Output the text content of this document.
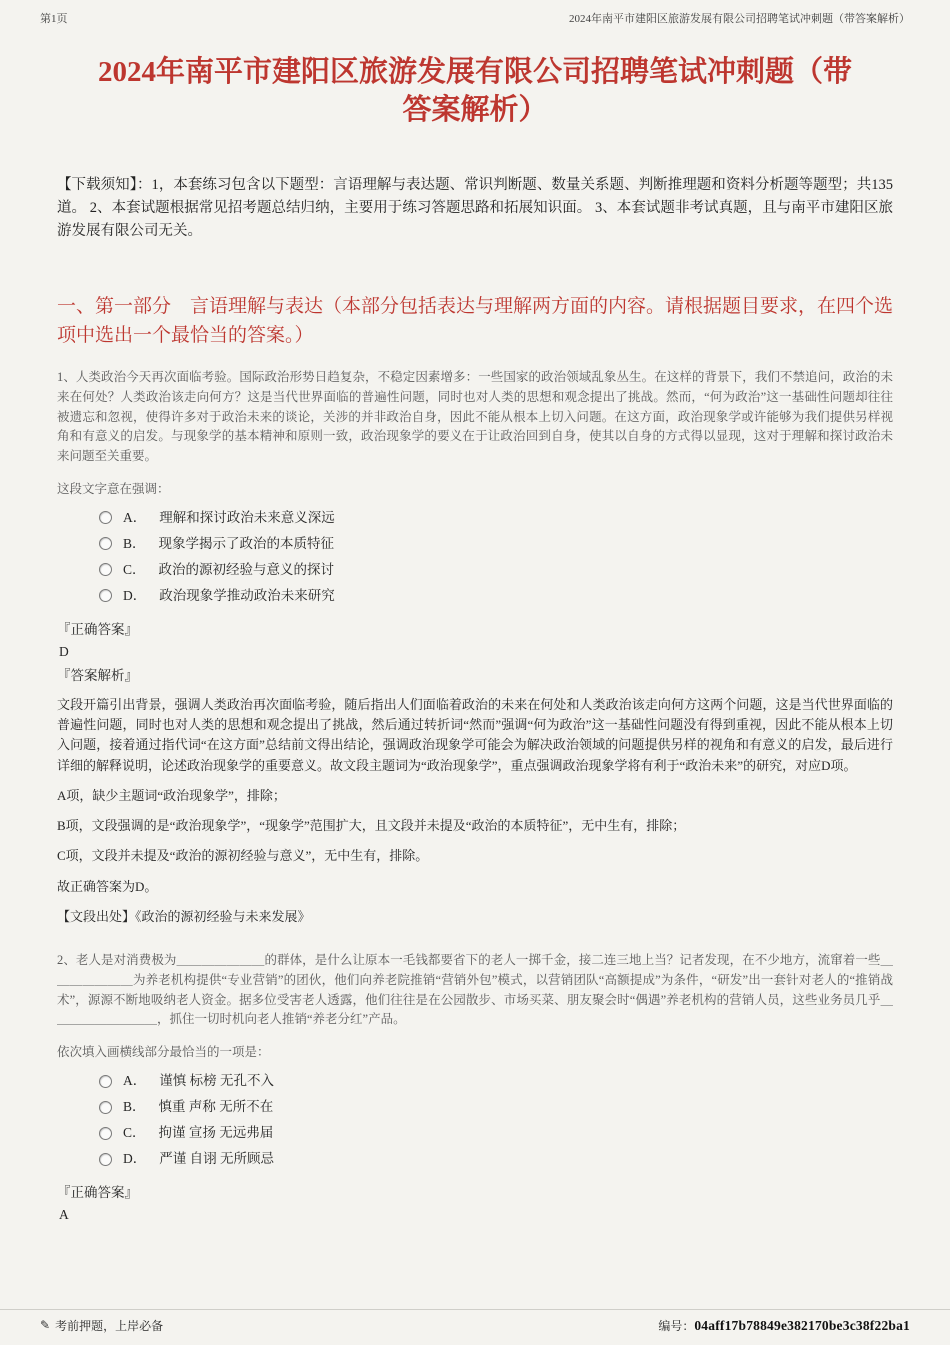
第1页	2024年南平市建阳区旅游发展有限公司招聘笔试冲刺题（带答案解析）
2024年南平市建阳区旅游发展有限公司招聘笔试冲刺题（带答案解析）
【下载须知】：1，本套练习包含以下题型：言语理解与表达题、常识判断题、数量关系题、判断推理题和资料分析题等题型；共135道。 2、本套试题根据常见招考题总结归纳，主要用于练习答题思路和拓展知识面。 3、本套试题非考试真题，且与南平市建阳区旅游发展有限公司无关。
一、第一部分　言语理解与表达（本部分包括表达与理解两方面的内容。请根据题目要求，在四个选项中选出一个最恰当的答案。）
1、人类政治今天再次面临考验。国际政治形势日趋复杂，不稳定因素增多：一些国家的政治领域乱象丛生。在这样的背景下，我们不禁追问，政治的未来在何处？人类政治该走向何方？这是当代世界面临的普遍性问题，同时也对人类的思想和观念提出了挑战。然而，“何为政治”这一基础性问题却往往被遗忘和忽视，使得许多对于政治未来的谈论，关涉的并非政治自身，因此不能从根本上切入问题。在这方面，政治现象学或许能够为我们提供另样视角和有意义的启发。与现象学的基本精神和原则一致，政治现象学的要义在于让政治回到自身，使其以自身的方式得以显现，这对于理解和探讨政治未来问题至关重要。
这段文字意在强调：
A． 理解和探讨政治未来意义深远
B． 现象学揭示了政治的本质特征
C． 政治的源初经验与意义的探讨
D． 政治现象学推动政治未来研究
『正确答案』
D
『答案解析』

文段开篇引出背景，强调人类政治再次面临考验，随后指出人们面临着政治的未来在何处和人类政治该走向何方这两个问题，这是当代世界面临的普遍性问题，同时也对人类的思想和观念提出了挑战，然后通过转折词“然而”强调“何为政治”这一基础性问题没有得到重视，因此不能从根本上切入问题，接着通过指代词“在这方面”总结前文得出结论，强调政治现象学可能会为解决政治领域的问题提供另样的视角和有意义的启发，最后进行详细的解释说明，论述政治现象学的重要意义。故文段主题词为“政治现象学”，重点强调政治现象学将有利于“政治未来”的研究，对应D项。

A项，缺少主题词“政治现象学”，排除；

B项，文段强调的是“政治现象学”，“现象学”范围扩大，且文段并未提及“政治的本质特征”，无中生有，排除；

C项，文段并未提及“政治的源初经验与意义”，无中生有，排除。

故正确答案为D。

【文段出处】《政治的源初经验与未来发展》

2、老人是对消费极为＿＿＿＿＿＿＿的群体，是什么让原本一毛钱都要省下的老人一掷千金，接二连三地上当？记者发现，在不少地方，流窜着一些＿＿＿＿＿＿＿为养老机构提供“专业营销”的团伙，他们向养老院推销“营销外包”模式，以营销团队“高额提成”为条件，“研发”出一套针对老人的“推销战术”，源源不断地吸纳老人资金。据多位受害老人透露，他们往往是在公园散步、市场买菜、朋友聚会时“偶遇”养老机构的营销人员，这些业务员几乎＿＿＿＿＿＿＿＿＿，抓住一切时机向老人推销“养老分红”产品。
依次填入画横线部分最恰当的一项是：
A． 谨慎 标榜 无孔不入
B． 慎重 声称 无所不在
C． 拘谨 宣扬 无远弗届
D． 严谨 自诩 无所顾忌
『正确答案』
A
✎ 考前押题，上岸必备	编号： 04aff17b78849e382170be3c38f22ba1
